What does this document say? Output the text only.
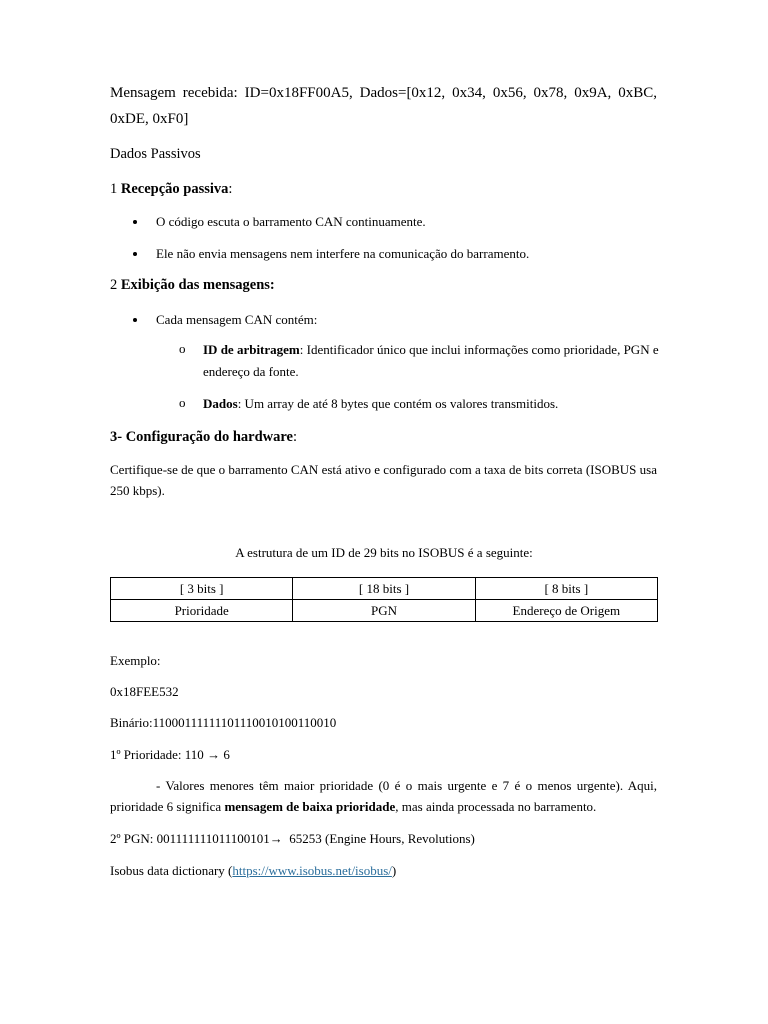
Mensagem recebida: ID=0x18FF00A5, Dados=[0x12, 0x34, 0x56, 0x78, 0x9A, 0xBC,
0xDE, 0xF0]
Dados Passivos
1 Recepção passiva:
O código escuta o barramento CAN continuamente.
Ele não envia mensagens nem interfere na comunicação do barramento.
2 Exibição das mensagens:
Cada mensagem CAN contém:
o ID de arbitragem: Identificador único que inclui informações como prioridade, PGN e
endereço da fonte.
o Dados: Um array de até 8 bytes que contém os valores transmitidos.
3- Configuração do hardware:
Certifique-se de que o barramento CAN está ativo e configurado com a taxa de bits correta (ISOBUS usa
250 kbps).
A estrutura de um ID de 29 bits no ISOBUS é a seguinte:
[ 3 bits ]	[ 18 bits ]	[ 8 bits ]
Prioridade	PGN	Endereço de Origem
Exemplo:
0x18FEE532
Binário:11000111111101110010100110010
1º Prioridade: 110 → 6
- Valores menores têm maior prioridade (0 é o mais urgente e 7 é o menos urgente). Aqui,
prioridade 6 significa mensagem de baixa prioridade, mas ainda processada no barramento.
2º PGN: 001111111011100101→ 65253 (Engine Hours, Revolutions)
Isobus data dictionary (https://www.isobus.net/isobus/)
